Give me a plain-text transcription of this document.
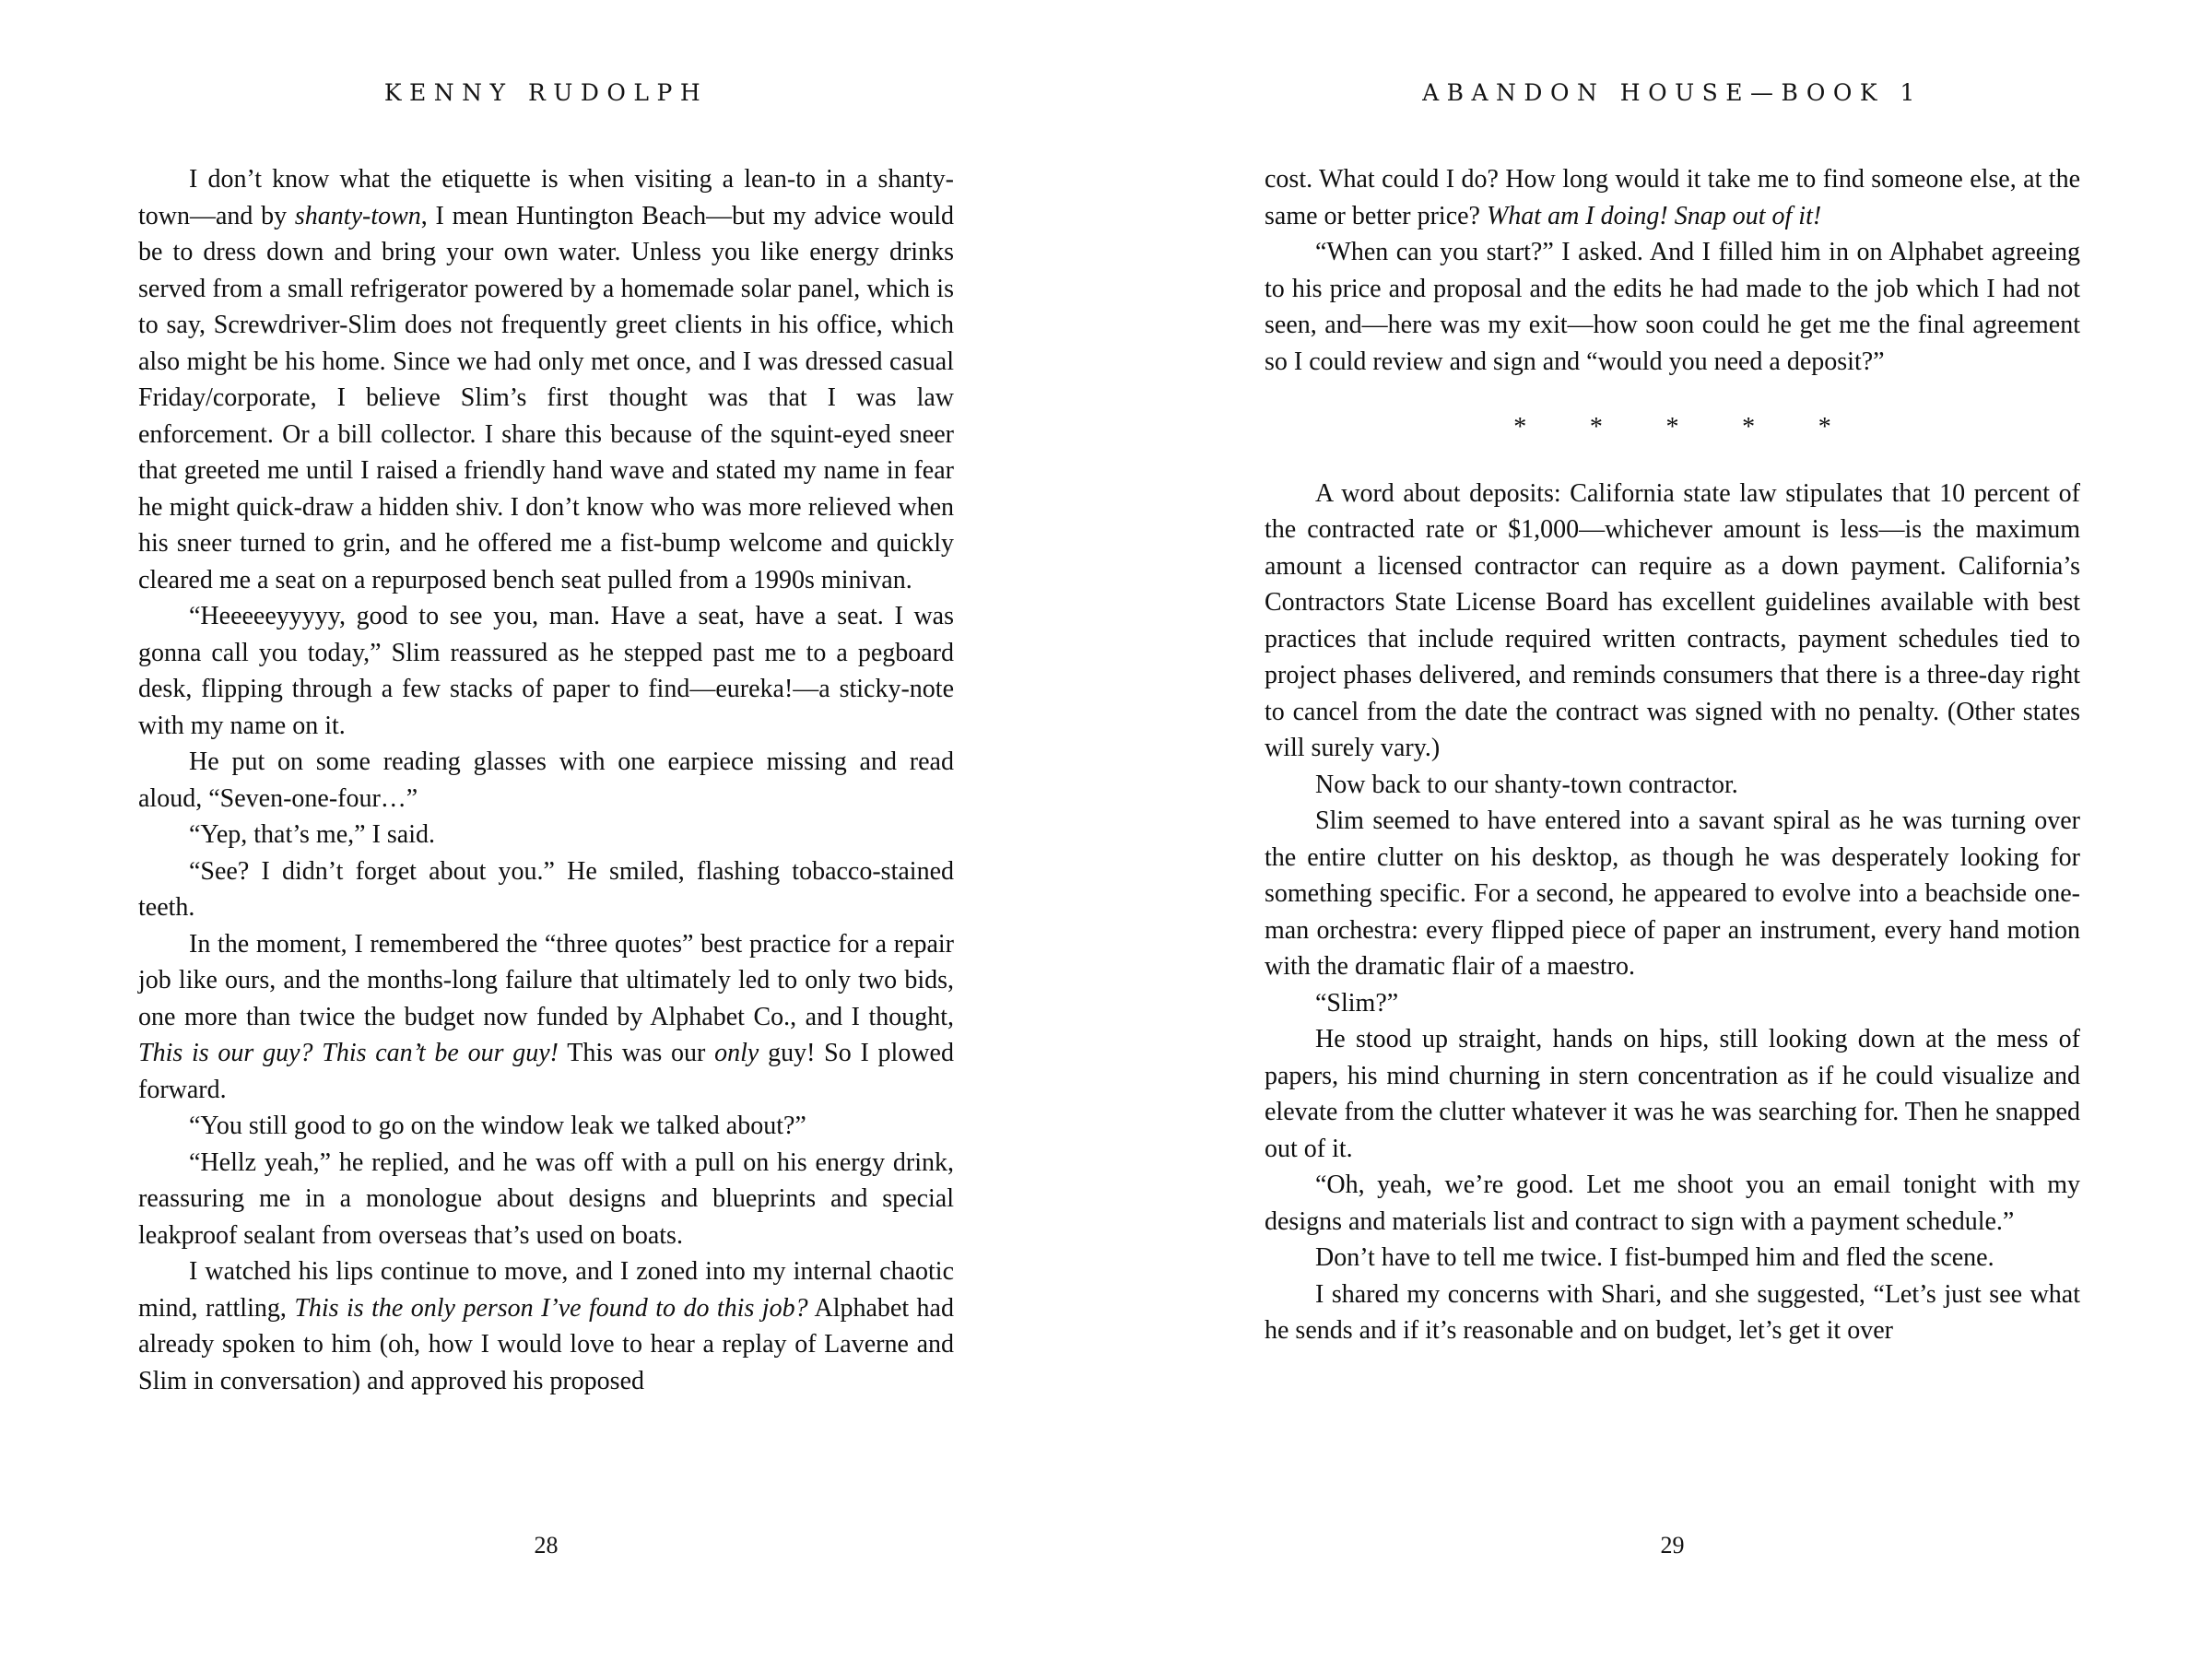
KENNY RUDOLPH

I don’t know what the etiquette is when visiting a lean-to in a shanty-town—and by shanty-town, I mean Huntington Beach—but my advice would be to dress down and bring your own water. Unless you like energy drinks served from a small refrigerator powered by a homemade solar panel, which is to say, Screwdriver-Slim does not frequently greet clients in his office, which also might be his home. Since we had only met once, and I was dressed casual Friday/corporate, I believe Slim’s first thought was that I was law enforcement. Or a bill collector. I share this because of the squint-eyed sneer that greeted me until I raised a friendly hand wave and stated my name in fear he might quick-draw a hidden shiv. I don’t know who was more relieved when his sneer turned to grin, and he offered me a fist-bump welcome and quickly cleared me a seat on a repurposed bench seat pulled from a 1990s minivan.

“Heeeeeyyyyy, good to see you, man. Have a seat, have a seat. I was gonna call you today,” Slim reassured as he stepped past me to a pegboard desk, flipping through a few stacks of paper to find—eureka!—a sticky-note with my name on it.

He put on some reading glasses with one earpiece missing and read aloud, “Seven-one-four…”

“Yep, that’s me,” I said.

“See? I didn’t forget about you.” He smiled, flashing tobacco-stained teeth.

In the moment, I remembered the “three quotes” best practice for a repair job like ours, and the months-long failure that ultimately led to only two bids, one more than twice the budget now funded by Alphabet Co., and I thought, This is our guy? This can’t be our guy! This was our only guy! So I plowed forward.

“You still good to go on the window leak we talked about?”

“Hellz yeah,” he replied, and he was off with a pull on his energy drink, reassuring me in a monologue about designs and blueprints and special leakproof sealant from overseas that’s used on boats.

I watched his lips continue to move, and I zoned into my internal chaotic mind, rattling, This is the only person I’ve found to do this job? Alphabet had already spoken to him (oh, how I would love to hear a replay of Laverne and Slim in conversation) and approved his proposed

ABANDON HOUSE—BOOK 1

cost. What could I do? How long would it take me to find someone else, at the same or better price? What am I doing! Snap out of it!

“When can you start?” I asked. And I filled him in on Alphabet agreeing to his price and proposal and the edits he had made to the job which I had not seen, and—here was my exit—how soon could he get me the final agreement so I could review and sign and “would you need a deposit?”

* * * * *

A word about deposits: California state law stipulates that 10 percent of the contracted rate or $1,000—whichever amount is less—is the maximum amount a licensed contractor can require as a down payment. California’s Contractors State License Board has excellent guidelines available with best practices that include required written contracts, payment schedules tied to project phases delivered, and reminds consumers that there is a three-day right to cancel from the date the contract was signed with no penalty. (Other states will surely vary.)

Now back to our shanty-town contractor.

Slim seemed to have entered into a savant spiral as he was turning over the entire clutter on his desktop, as though he was desperately looking for something specific. For a second, he appeared to evolve into a beachside one-man orchestra: every flipped piece of paper an instrument, every hand motion with the dramatic flair of a maestro.

“Slim?”

He stood up straight, hands on hips, still looking down at the mess of papers, his mind churning in stern concentration as if he could visualize and elevate from the clutter whatever it was he was searching for. Then he snapped out of it.

“Oh, yeah, we’re good. Let me shoot you an email tonight with my designs and materials list and contract to sign with a payment schedule.”

Don’t have to tell me twice. I fist-bumped him and fled the scene.

I shared my concerns with Shari, and she suggested, “Let’s just see what he sends and if it’s reasonable and on budget, let’s get it over

28	29
